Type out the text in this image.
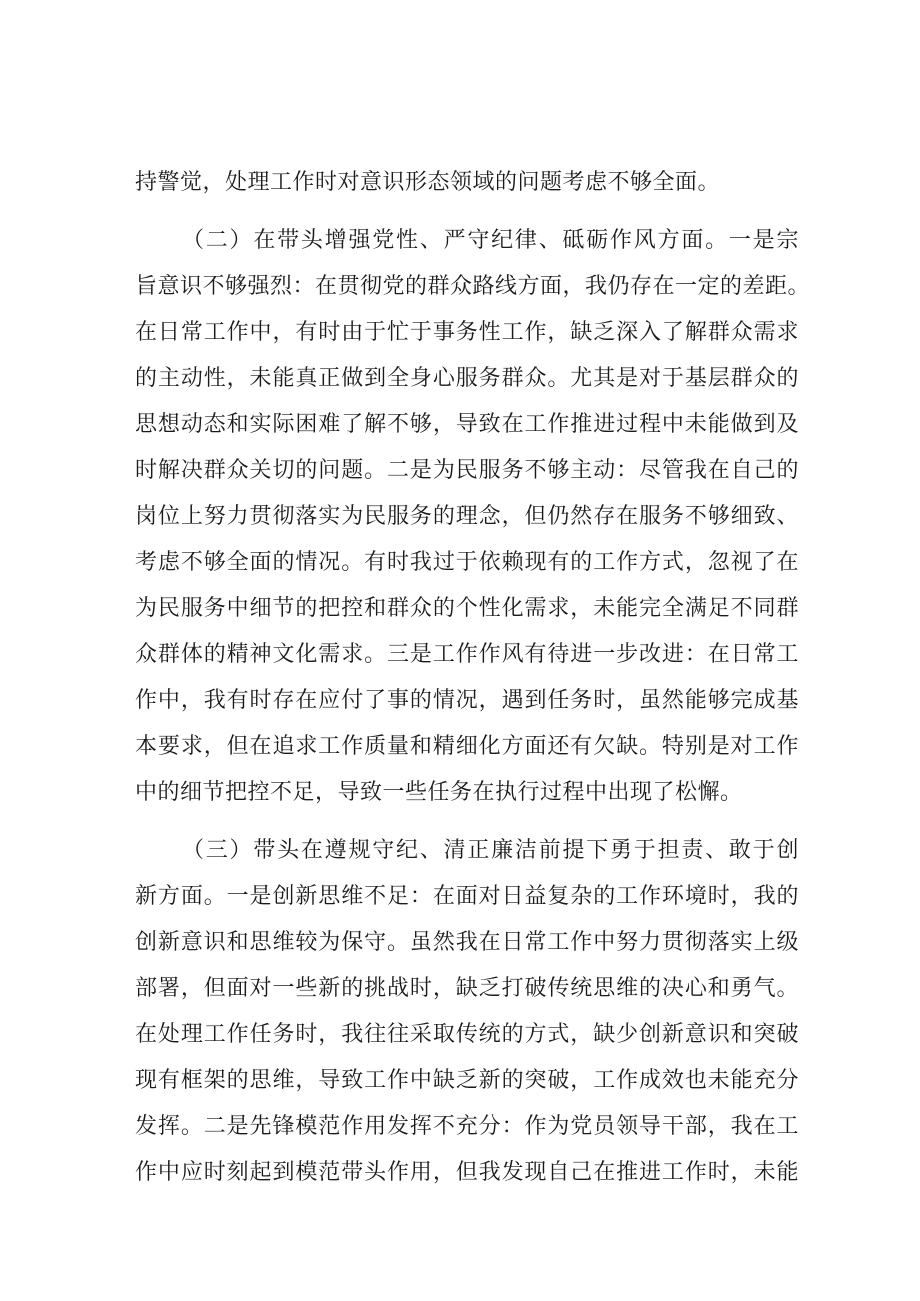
持警觉，处理工作时对意识形态领域的问题考虑不够全面。
（二）在带头增强党性、严守纪律、砥砺作风方面。一是宗
旨意识不够强烈：在贯彻党的群众路线方面，我仍存在一定的差距。
在日常工作中，有时由于忙于事务性工作，缺乏深入了解群众需求
的主动性，未能真正做到全身心服务群众。尤其是对于基层群众的
思想动态和实际困难了解不够，导致在工作推进过程中未能做到及
时解决群众关切的问题。二是为民服务不够主动：尽管我在自己的
岗位上努力贯彻落实为民服务的理念，但仍然存在服务不够细致、
考虑不够全面的情况。有时我过于依赖现有的工作方式，忽视了在
为民服务中细节的把控和群众的个性化需求，未能完全满足不同群
众群体的精神文化需求。三是工作作风有待进一步改进：在日常工
作中，我有时存在应付了事的情况，遇到任务时，虽然能够完成基
本要求，但在追求工作质量和精细化方面还有欠缺。特别是对工作
中的细节把控不足，导致一些任务在执行过程中出现了松懈。
（三）带头在遵规守纪、清正廉洁前提下勇于担责、敢于创
新方面。一是创新思维不足：在面对日益复杂的工作环境时，我的
创新意识和思维较为保守。虽然我在日常工作中努力贯彻落实上级
部署，但面对一些新的挑战时，缺乏打破传统思维的决心和勇气。
在处理工作任务时，我往往采取传统的方式，缺少创新意识和突破
现有框架的思维，导致工作中缺乏新的突破，工作成效也未能充分
发挥。二是先锋模范作用发挥不充分：作为党员领导干部，我在工
作中应时刻起到模范带头作用，但我发现自己在推进工作时，未能
